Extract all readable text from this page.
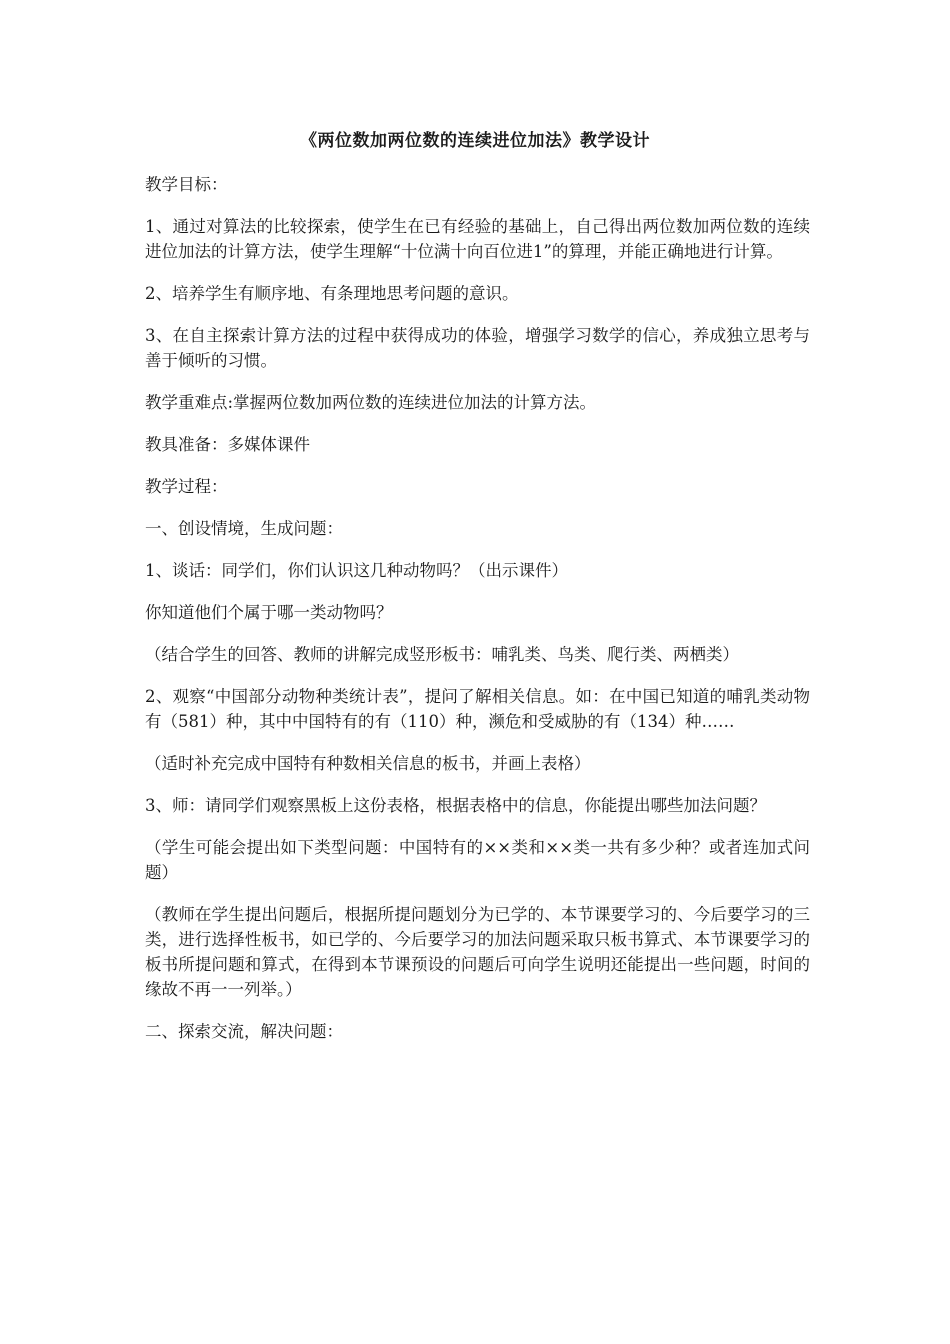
《两位数加两位数的连续进位加法》教学设计

教学目标：

1、通过对算法的比较探索，使学生在已有经验的基础上，自己得出两位数加两位数的连续进位加法的计算方法，使学生理解“十位满十向百位进1”的算理，并能正确地进行计算。

2、培养学生有顺序地、有条理地思考问题的意识。

3、在自主探索计算方法的过程中获得成功的体验，增强学习数学的信心，养成独立思考与善于倾听的习惯。

教学重难点:掌握两位数加两位数的连续进位加法的计算方法。

教具准备：多媒体课件

教学过程：

一、创设情境，生成问题：

1、谈话：同学们，你们认识这几种动物吗？（出示课件）

你知道他们个属于哪一类动物吗？

（结合学生的回答、教师的讲解完成竖形板书：哺乳类、鸟类、爬行类、两栖类）

2、观察“中国部分动物种类统计表”，提问了解相关信息。如：在中国已知道的哺乳类动物有（581）种，其中中国特有的有（110）种，濒危和受威胁的有（134）种……

（适时补充完成中国特有种数相关信息的板书，并画上表格）

3、师：请同学们观察黑板上这份表格，根据表格中的信息，你能提出哪些加法问题？

（学生可能会提出如下类型问题：中国特有的××类和××类一共有多少种？或者连加式问题）

（教师在学生提出问题后，根据所提问题划分为已学的、本节课要学习的、今后要学习的三类，进行选择性板书，如已学的、今后要学习的加法问题采取只板书算式、本节课要学习的板书所提问题和算式，在得到本节课预设的问题后可向学生说明还能提出一些问题，时间的缘故不再一一列举。）

二、探索交流，解决问题：
